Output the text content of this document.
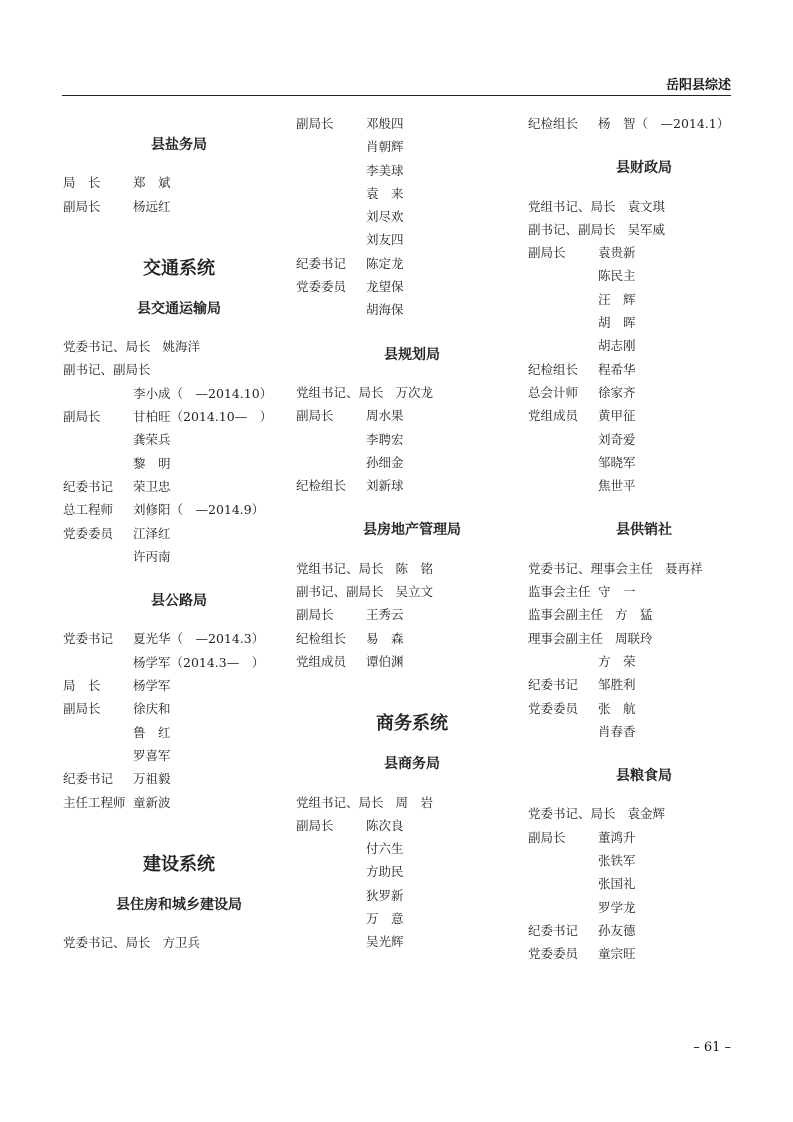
岳阳县综述
县盐务局
局　长	郑　斌
副局长	杨远红
交通系统
县交通运输局
党委书记、局长 姚海洋
副书记、副局长
李小成（　—2014.10）
副局长	甘柏旺（2014.10—　）
龚荣兵
黎　明
纪委书记 荣卫忠
总工程师 刘修阳（　—2014.9）
党委委员 江泽红
许丙南
县公路局
党委书记 夏光华（　—2014.3）
杨学军（2014.3—　）
局　长	杨学军
副局长	徐庆和
鲁　红
罗喜军
纪委书记 万祖毅
主任工程师 童新波
建设系统
县住房和城乡建设局
党委书记、局长 方卫兵
副局长	邓般四
肖朝辉
李美球
袁　来
刘尽欢
刘友四
纪委书记 陈定龙
党委委员 龙望保
胡海保
县规划局
党组书记、局长 万次龙
副局长	周水果
李聘宏
孙细金
纪检组长 刘新球
县房地产管理局
党组书记、局长 陈　铭
副书记、副局长 吴立文
副局长	王秀云
纪检组长 易　森
党组成员 谭伯渊
商务系统
县商务局
党组书记、局长 周　岩
副局长	陈次良
付六生
方助民
狄罗新
万　意
吴光辉
纪检组长 杨　智（　—2014.1）
县财政局
党组书记、局长 袁文琪
副书记、副局长 吴军威
副局长	袁贵新
陈民主
汪　辉
胡　晖
胡志刚
纪检组长 程希华
总会计师 徐家齐
党组成员 黄甲征
刘奇爱
邹晓军
焦世平
县供销社
党委书记、理事会主任 聂再祥
监事会主任 守　一
监事会副主任 方　猛
理事会副主任 周联玲
方　荣
纪委书记 邹胜利
党委委员 张　航
肖春香
县粮食局
党委书记、局长 袁金辉
副局长	董鸿升
张铁军
张国礼
罗学龙
纪委书记 孙友德
党委委员 童宗旺
– 61 –
